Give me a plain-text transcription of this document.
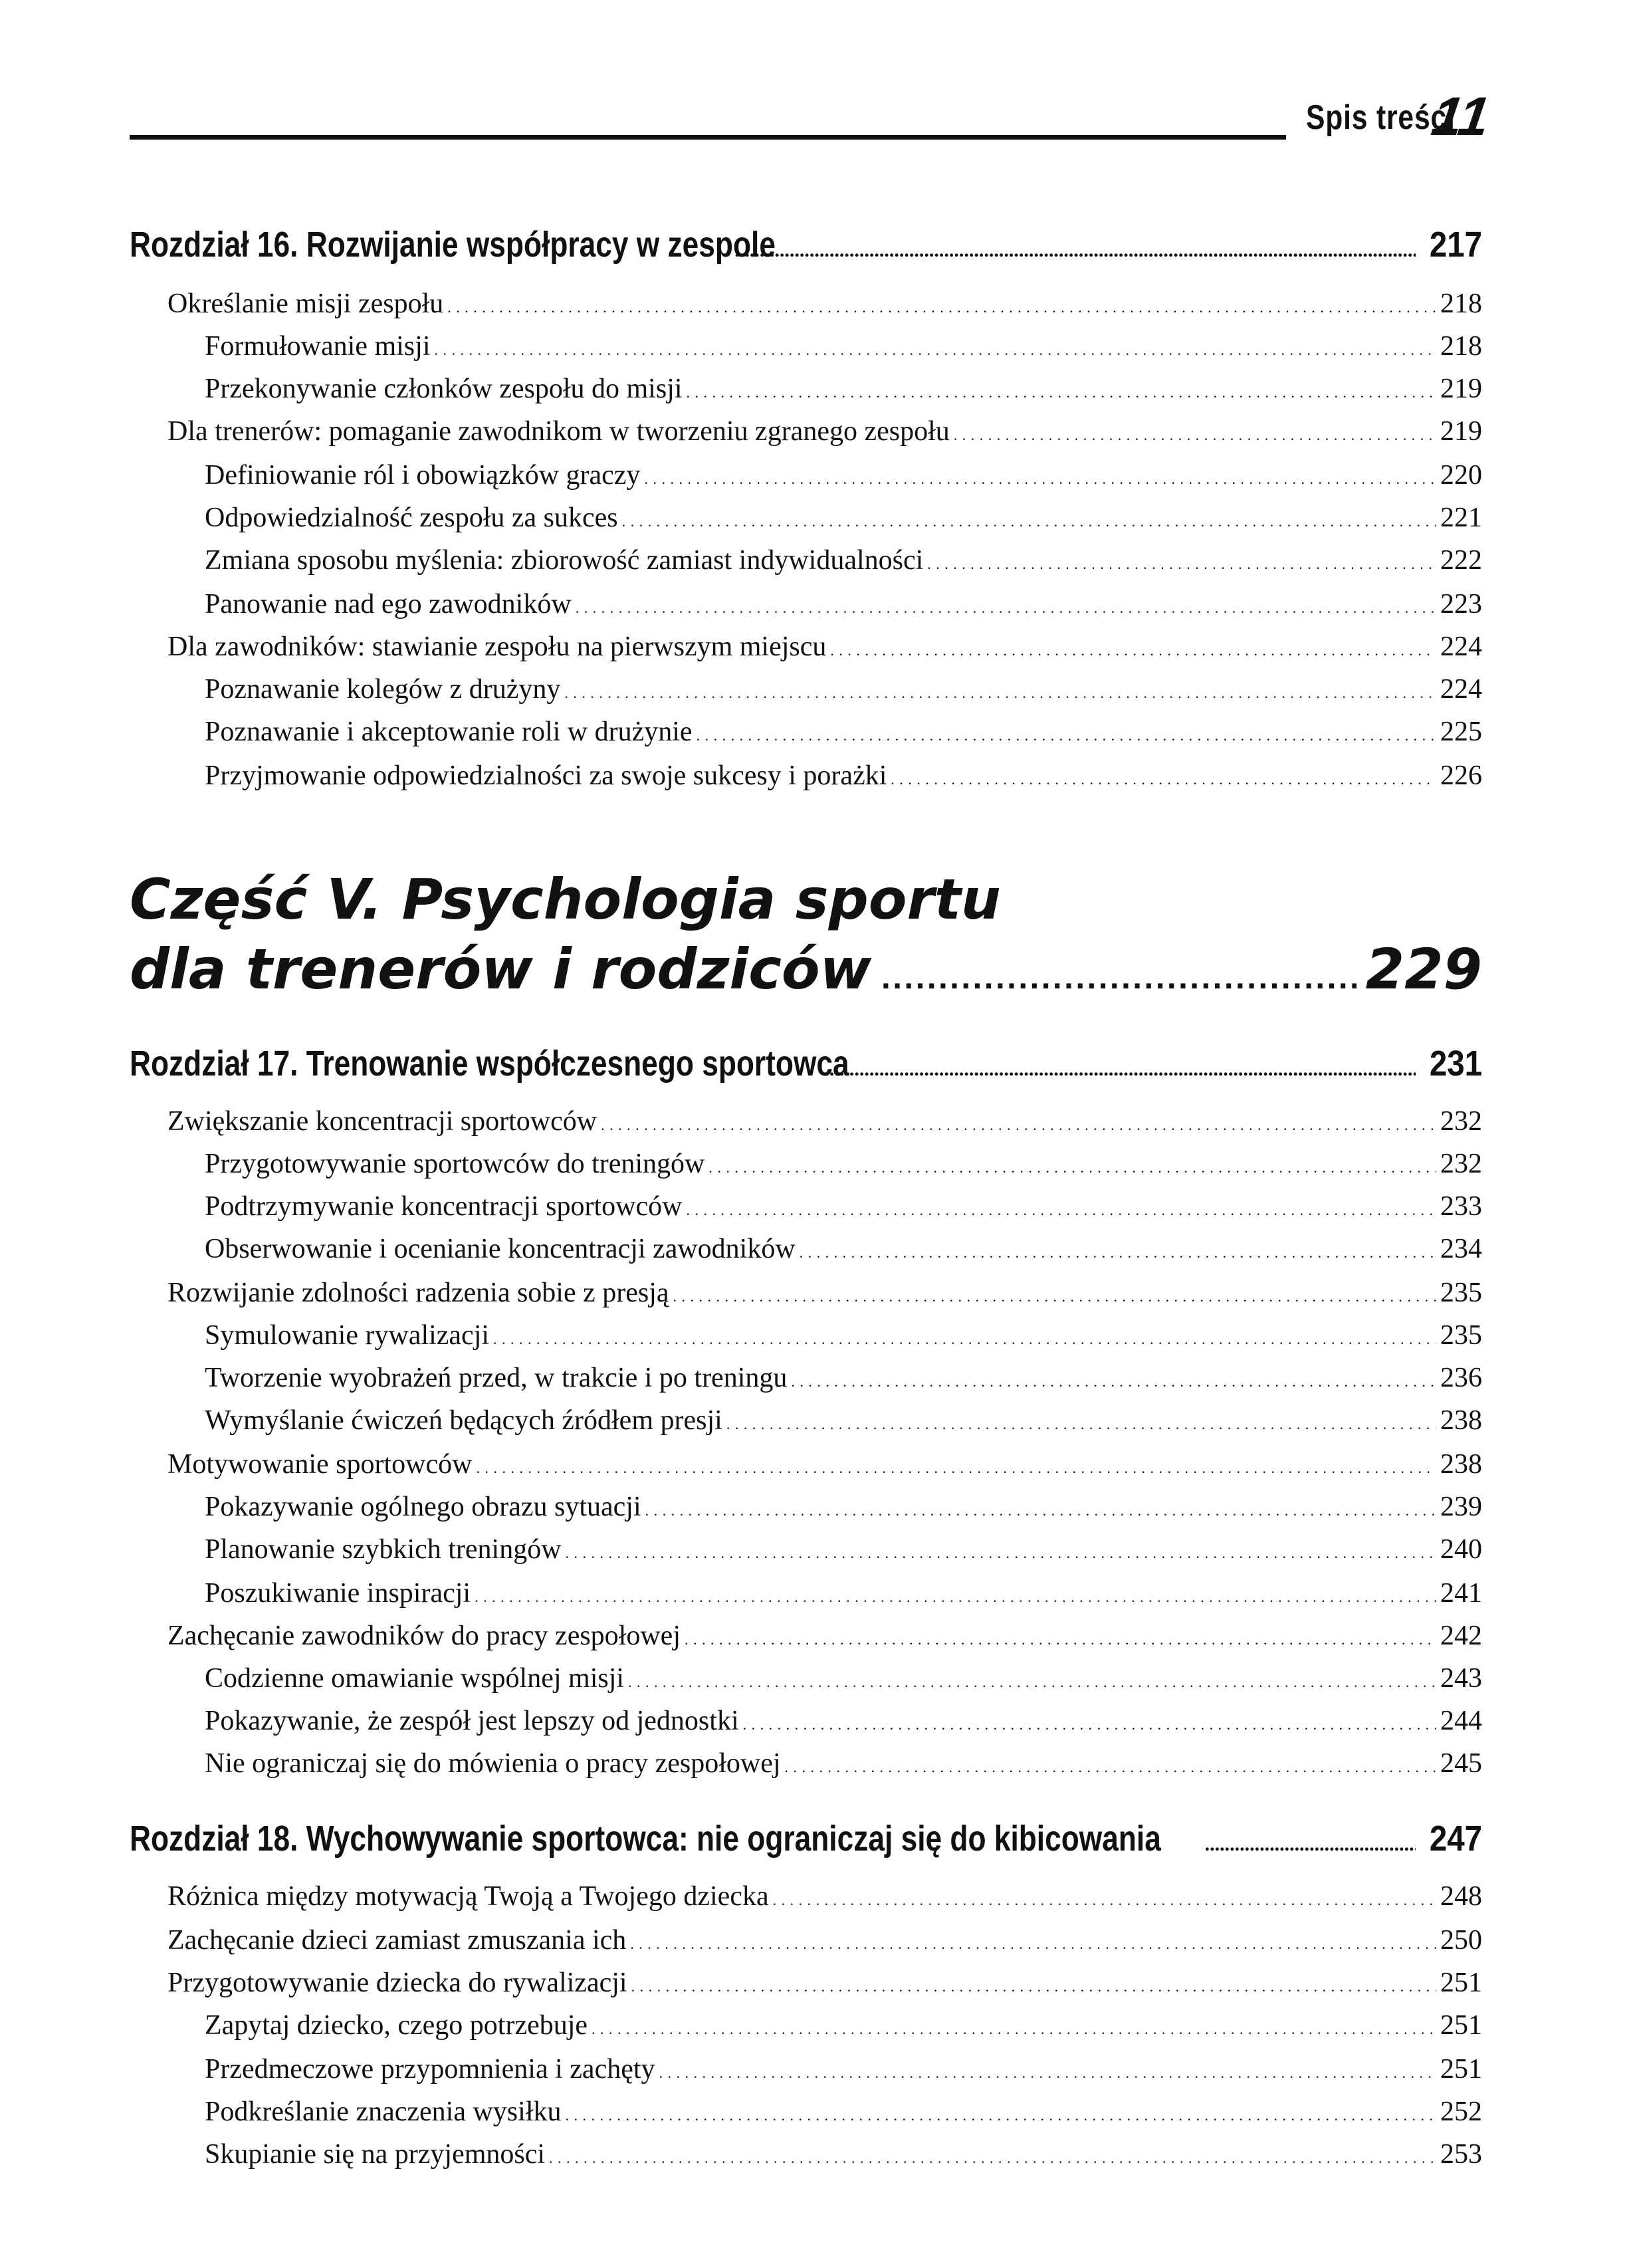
Spis treści
11
Rozdział 16. Rozwijanie współpracy w zespole .....	217
Określanie misji zespołu . . .	218
Formułowanie misji . . .	218
Przekonywanie członków zespołu do misji . . .	219
Dla trenerów: pomaganie zawodnikom w tworzeniu zgranego zespołu . . .	219
Definiowanie ról i obowiązków graczy . . .	220
Odpowiedzialność zespołu za sukces . . .	221
Zmiana sposobu myślenia: zbiorowość zamiast indywidualności . . .	222
Panowanie nad ego zawodników . . .	223
Dla zawodników: stawianie zespołu na pierwszym miejscu . . .	224
Poznawanie kolegów z drużyny . . .	224
Poznawanie i akceptowanie roli w drużynie . . .	225
Przyjmowanie odpowiedzialności za swoje sukcesy i porażki . . .	226
Część V. Psychologia sportu
dla trenerów i rodziców .....	229
Rozdział 17. Trenowanie współczesnego sportowca .....	231
Zwiększanie koncentracji sportowców . . .	232
Przygotowywanie sportowców do treningów . . .	232
Podtrzymywanie koncentracji sportowców . . .	233
Obserwowanie i ocenianie koncentracji zawodników . . .	234
Rozwijanie zdolności radzenia sobie z presją . . .	235
Symulowanie rywalizacji . . .	235
Tworzenie wyobrażeń przed, w trakcie i po treningu . . .	236
Wymyślanie ćwiczeń będących źródłem presji . . .	238
Motywowanie sportowców . . .	238
Pokazywanie ogólnego obrazu sytuacji . . .	239
Planowanie szybkich treningów . . .	240
Poszukiwanie inspiracji . . .	241
Zachęcanie zawodników do pracy zespołowej . . .	242
Codzienne omawianie wspólnej misji . . .	243
Pokazywanie, że zespół jest lepszy od jednostki . . .	244
Nie ograniczaj się do mówienia o pracy zespołowej . . .	245
Rozdział 18. Wychowywanie sportowca: nie ograniczaj się do kibicowania .....	247
Różnica między motywacją Twoją a Twojego dziecka . . .	248
Zachęcanie dzieci zamiast zmuszania ich . . .	250
Przygotowywanie dziecka do rywalizacji . . .	251
Zapytaj dziecko, czego potrzebuje . . .	251
Przedmeczowe przypomnienia i zachęty . . .	251
Podkreślanie znaczenia wysiłku . . .	252
Skupianie się na przyjemności . . .	253
